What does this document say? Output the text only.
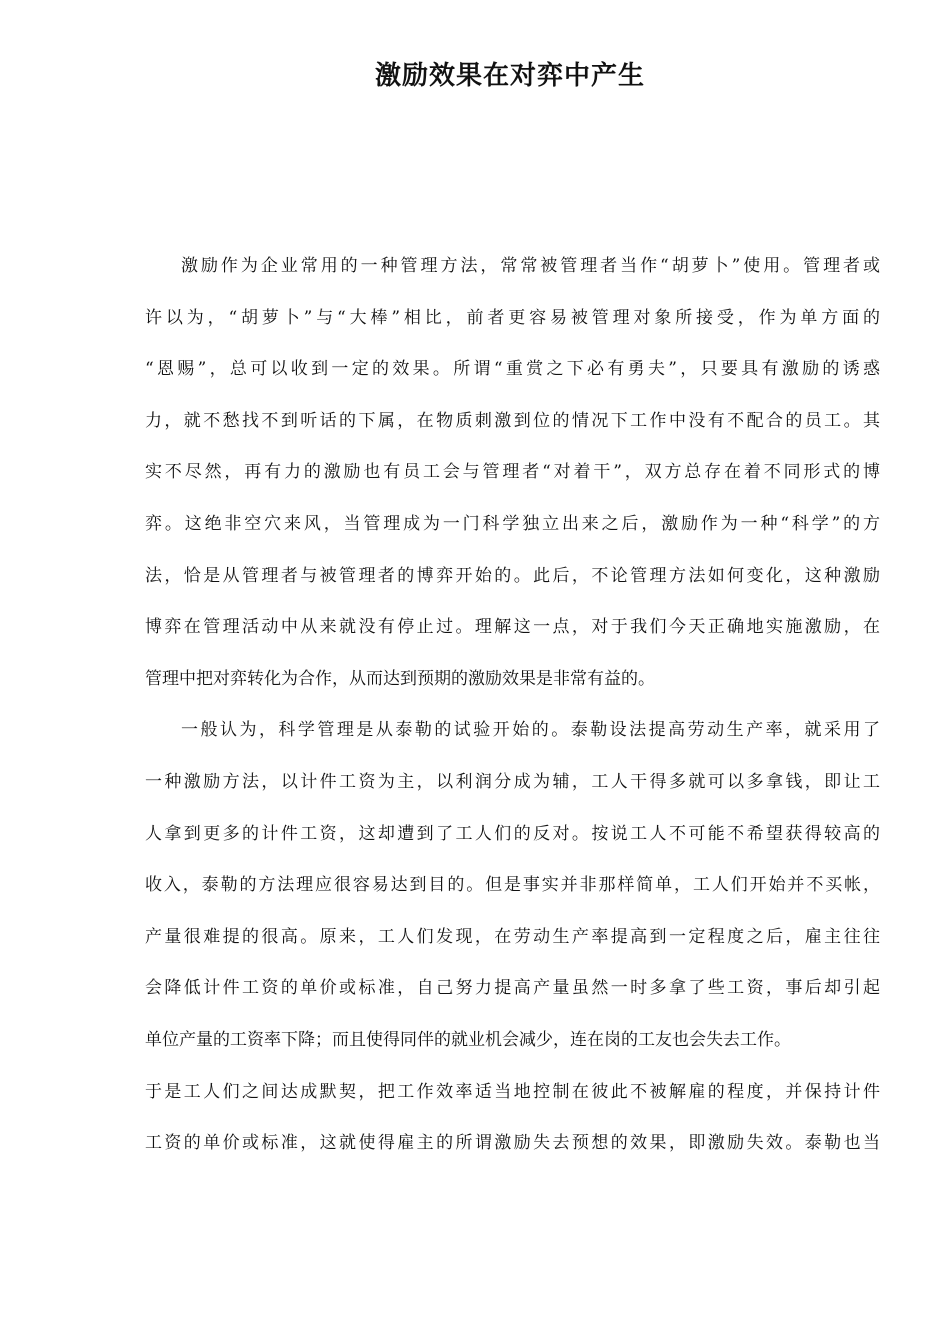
激励效果在对弈中产生
激励作为企业常用的一种管理方法，常常被管理者当作“胡萝卜”使用。管理者或
许以为，“胡萝卜”与“大棒”相比，前者更容易被管理对象所接受，作为单方面的
“恩赐”，总可以收到一定的效果。所谓“重赏之下必有勇夫”，只要具有激励的诱惑
力，就不愁找不到听话的下属，在物质刺激到位的情况下工作中没有不配合的员工。其
实不尽然，再有力的激励也有员工会与管理者“对着干”，双方总存在着不同形式的博
弈。这绝非空穴来风，当管理成为一门科学独立出来之后，激励作为一种“科学”的方
法，恰是从管理者与被管理者的博弈开始的。此后，不论管理方法如何变化，这种激励
博弈在管理活动中从来就没有停止过。理解这一点，对于我们今天正确地实施激励，在
管理中把对弈转化为合作，从而达到预期的激励效果是非常有益的。
一般认为，科学管理是从泰勒的试验开始的。泰勒设法提高劳动生产率，就采用了
一种激励方法，以计件工资为主，以利润分成为辅，工人干得多就可以多拿钱，即让工
人拿到更多的计件工资，这却遭到了工人们的反对。按说工人不可能不希望获得较高的
收入，泰勒的方法理应很容易达到目的。但是事实并非那样简单，工人们开始并不买帐，
产量很难提的很高。原来，工人们发现，在劳动生产率提高到一定程度之后，雇主往往
会降低计件工资的单价或标准，自己努力提高产量虽然一时多拿了些工资，事后却引起
单位产量的工资率下降；而且使得同伴的就业机会减少，连在岗的工友也会失去工作。
于是工人们之间达成默契，把工作效率适当地控制在彼此不被解雇的程度，并保持计件
工资的单价或标准，这就使得雇主的所谓激励失去预想的效果，即激励失效。泰勒也当
